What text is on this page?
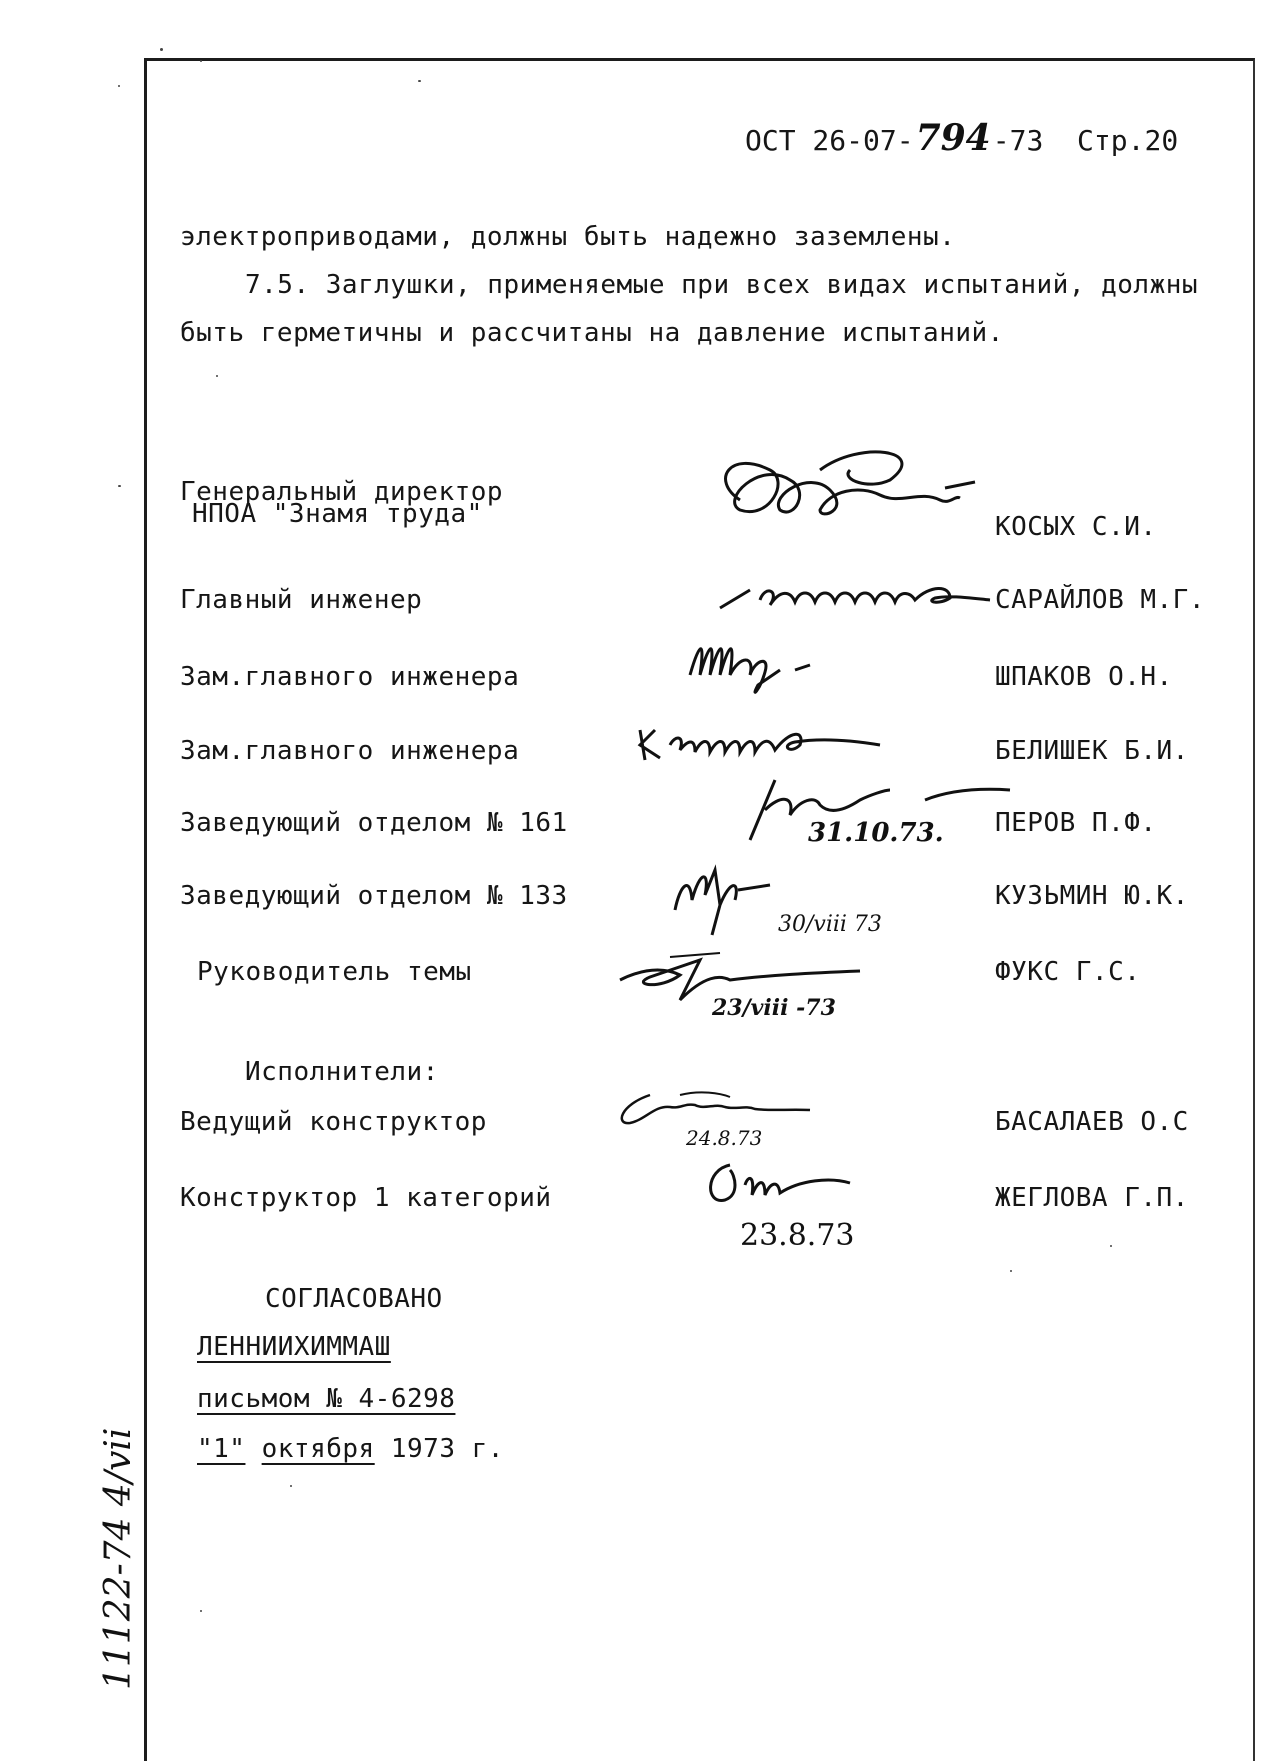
ОСТ 26-07-794-73 Стр.20
электроприводами, должны быть надежно заземлены.
7.5. Заглушки, применяемые при всех видах испытаний, должны
быть герметичны и рассчитаны на давление испытаний.
Генеральный директор
НПОА "Знамя труда"	КОСЫХ С.И.
Главный инженер	САРАЙЛОВ М.Г.
Зам.главного инженера	ШПАКОВ О.Н.
Зам.главного инженера	БЕЛИШЕК Б.И.
Заведующий отделом № 161	ПЕРОВ П.Ф.
31.10.73.
Заведующий отделом № 133	КУЗЬМИН Ю.К.
30/viii 73
Руководитель темы	ФУКС Г.С.
23/viii -73
Исполнители:
Ведущий конструктор	БАСАЛАЕВ О.С
24.8.73
Конструктор 1 категорий	ЖЕГЛОВА Г.П.
23.8.73
СОГЛАСОВАНО
ЛЕННИИХИММАШ
письмом № 4-6298
"1" октября 1973 г.
11122-74 4/vii
